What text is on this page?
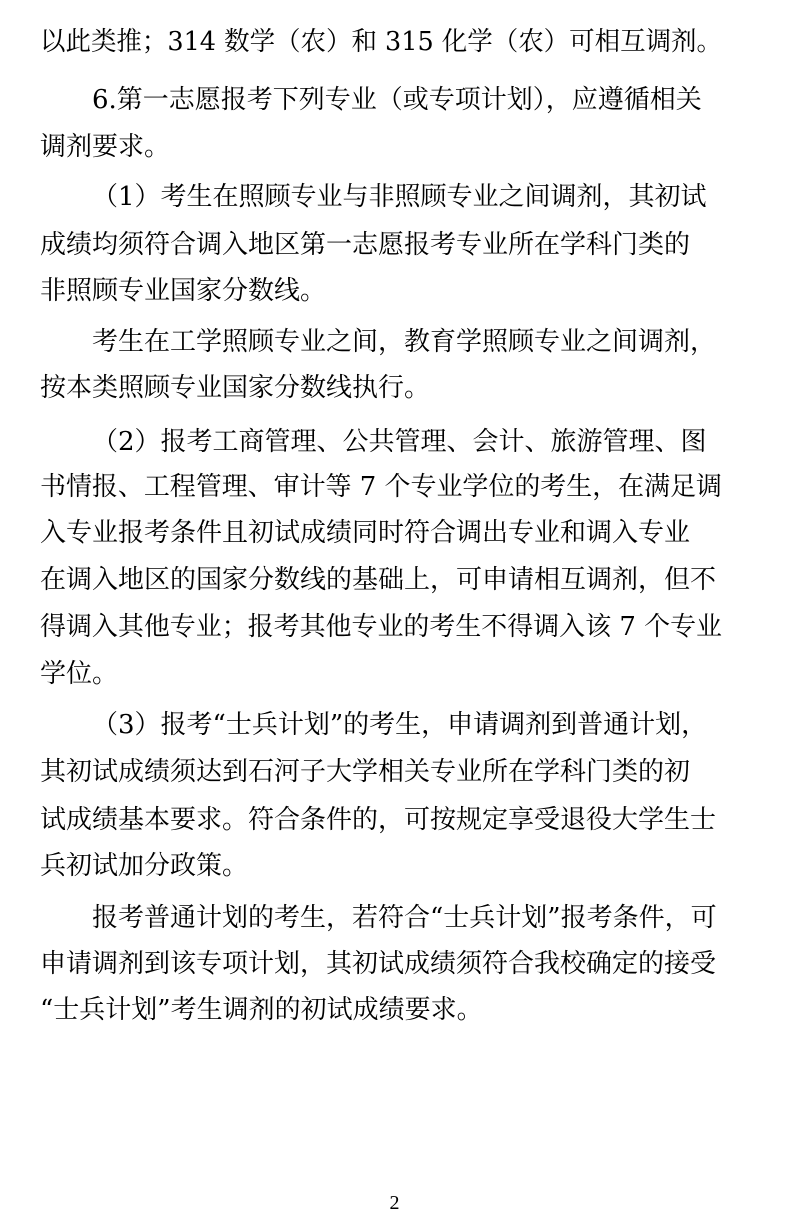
以此类推；314 数学（农）和 315 化学（农）可相互调剂。
6.第一志愿报考下列专业（或专项计划），应遵循相关
调剂要求。
（1）考生在照顾专业与非照顾专业之间调剂，其初试
成绩均须符合调入地区第一志愿报考专业所在学科门类的
非照顾专业国家分数线。
考生在工学照顾专业之间，教育学照顾专业之间调剂，
按本类照顾专业国家分数线执行。
（2）报考工商管理、公共管理、会计、旅游管理、图
书情报、工程管理、审计等 7 个专业学位的考生，在满足调
入专业报考条件且初试成绩同时符合调出专业和调入专业
在调入地区的国家分数线的基础上，可申请相互调剂，但不
得调入其他专业；报考其他专业的考生不得调入该 7 个专业
学位。
（3）报考“士兵计划”的考生，申请调剂到普通计划，
其初试成绩须达到石河子大学相关专业所在学科门类的初
试成绩基本要求。符合条件的，可按规定享受退役大学生士
兵初试加分政策。
报考普通计划的考生，若符合“士兵计划”报考条件，可
申请调剂到该专项计划，其初试成绩须符合我校确定的接受
“士兵计划”考生调剂的初试成绩要求。
2
